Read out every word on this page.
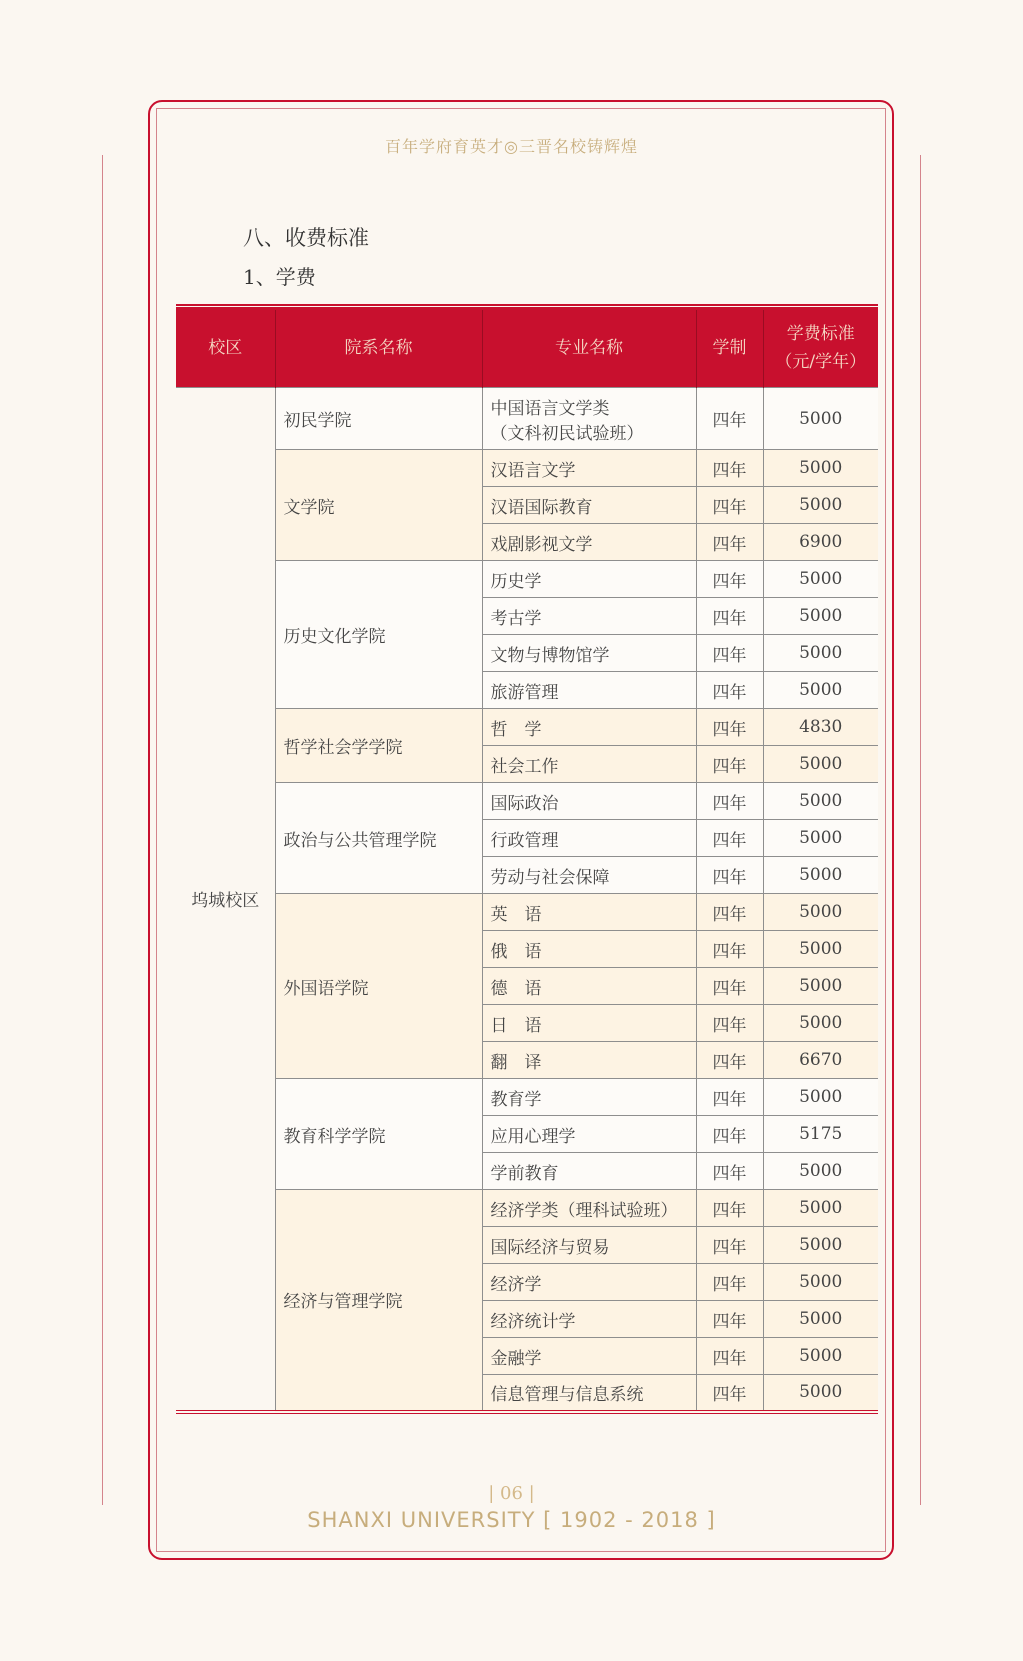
百年学府育英才◎三晋名校铸辉煌
八、收费标准
1、学费
校区	院系名称	专业名称	学制	学费标准
（元/学年）
坞城校区	初民学院	中国语言文学类
（文科初民试验班）	四年	5000
	文学院	汉语言文学	四年	5000
		汉语国际教育	四年	5000
		戏剧影视文学	四年	6900
	历史文化学院	历史学	四年	5000
		考古学	四年	5000
		文物与博物馆学	四年	5000
		旅游管理	四年	5000
	哲学社会学学院	哲　学	四年	4830
		社会工作	四年	5000
	政治与公共管理学院	国际政治	四年	5000
		行政管理	四年	5000
		劳动与社会保障	四年	5000
	外国语学院	英　语	四年	5000
		俄　语	四年	5000
		德　语	四年	5000
		日　语	四年	5000
		翻　译	四年	6670
	教育科学学院	教育学	四年	5000
		应用心理学	四年	5175
		学前教育	四年	5000
	经济与管理学院	经济学类（理科试验班）	四年	5000
		国际经济与贸易	四年	5000
		经济学	四年	5000
		经济统计学	四年	5000
		金融学	四年	5000
		信息管理与信息系统	四年	5000
| 06 |
SHANXI UNIVERSITY [ 1902 - 2018 ]
